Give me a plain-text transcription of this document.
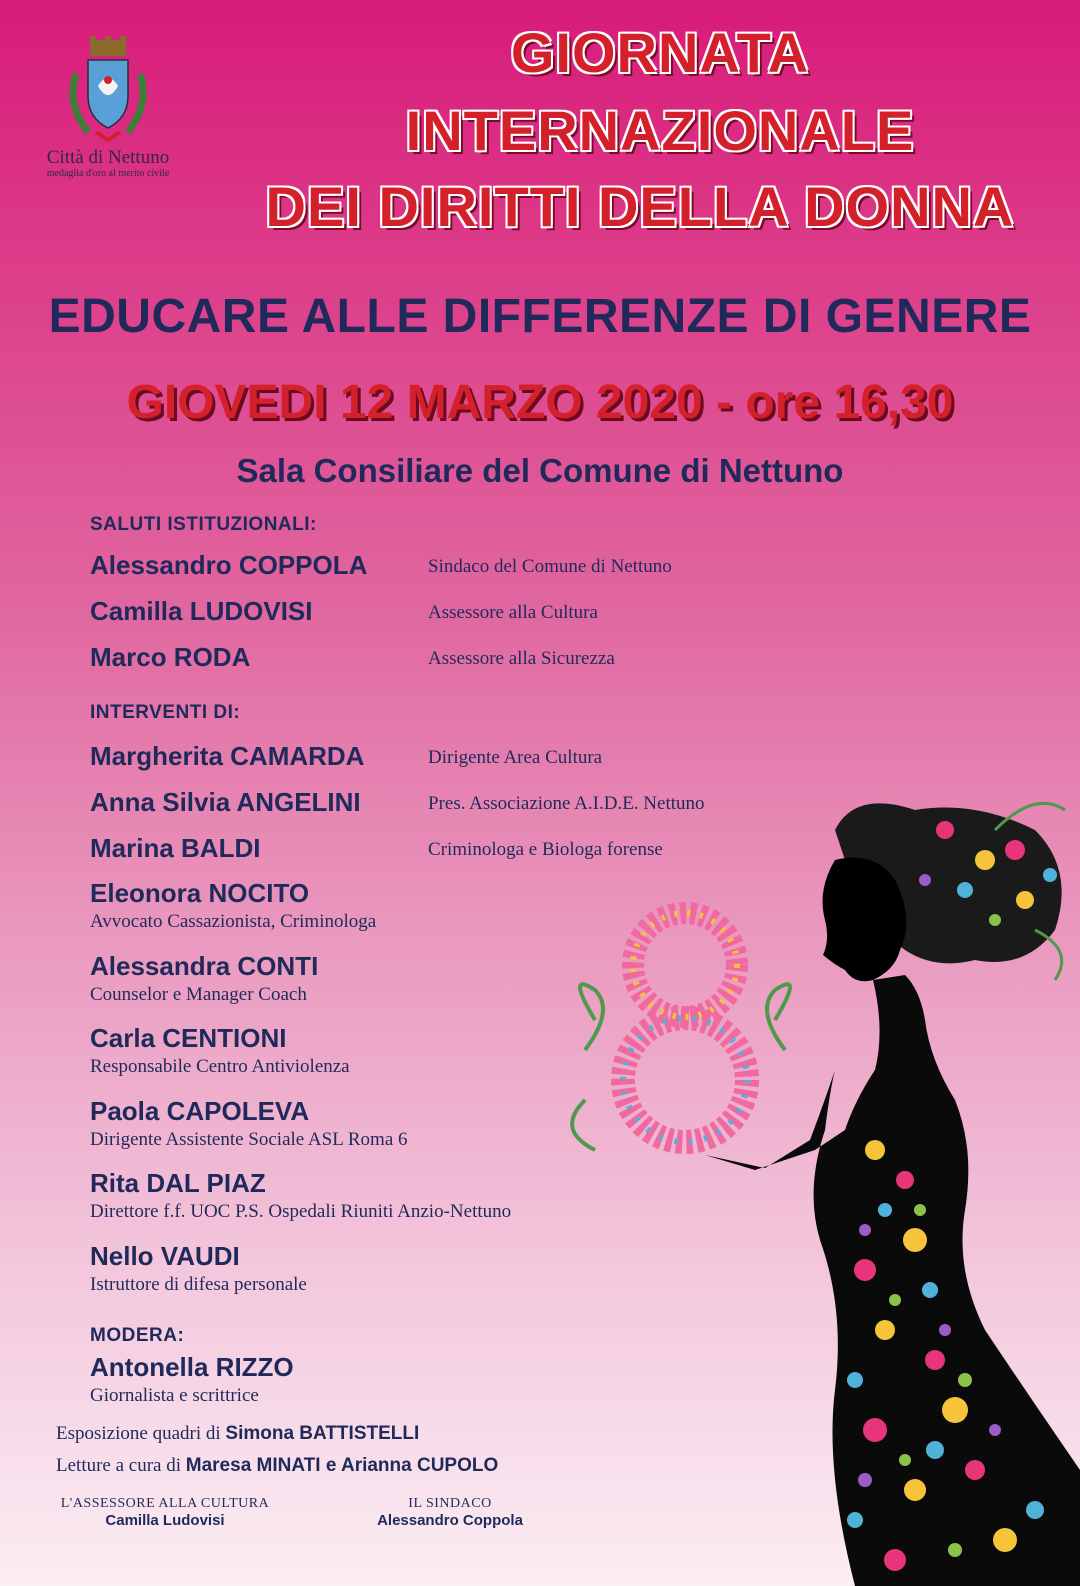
Città di Nettuno
medaglia d'oro al merito civile
GIORNATA
INTERNAZIONALE
DEI DIRITTI DELLA DONNA
EDUCARE ALLE DIFFERENZE DI GENERE
GIOVEDI 12 MARZO 2020 - ore 16,30
Sala Consiliare del Comune di Nettuno
SALUTI ISTITUZIONALI:
Alessandro COPPOLA	Sindaco del Comune di Nettuno
Camilla LUDOVISI	Assessore alla Cultura
Marco RODA	Assessore alla Sicurezza
INTERVENTI DI:
Margherita CAMARDA	Dirigente Area Cultura
Anna Silvia ANGELINI	Pres. Associazione A.I.D.E. Nettuno
Marina BALDI	Criminologa e Biologa forense
Eleonora NOCITO
Avvocato Cassazionista, Criminologa
Alessandra CONTI
Counselor e Manager Coach
Carla CENTIONI
Responsabile Centro Antiviolenza
Paola CAPOLEVA
Dirigente Assistente Sociale ASL Roma 6
Rita DAL PIAZ
Direttore f.f. UOC P.S. Ospedali Riuniti Anzio-Nettuno
Nello VAUDI
Istruttore di difesa personale
MODERA:
Antonella RIZZO
Giornalista e scrittrice
Esposizione quadri di Simona BATTISTELLI
Letture a cura di Maresa MINATI e Arianna CUPOLO
L'ASSESSORE ALLA CULTURA
Camilla Ludovisi
IL SINDACO
Alessandro Coppola
